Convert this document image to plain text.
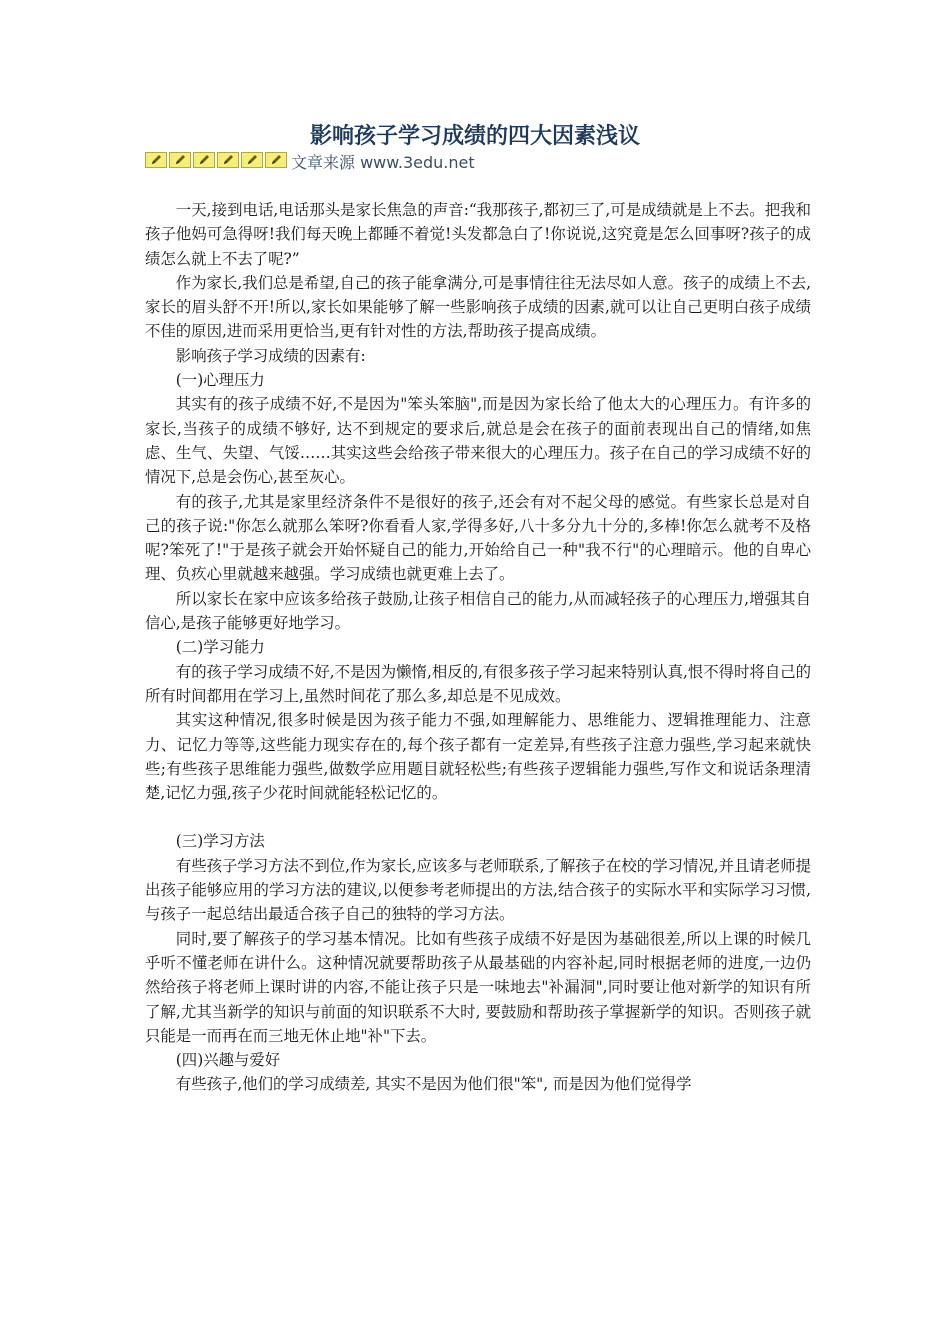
影响孩子学习成绩的四大因素浅议
文章来源 www.3edu.net

一天,接到电话,电话那头是家长焦急的声音:“我那孩子,都初三了,可是成绩就是上不去。把我和孩子他妈可急得呀!我们每天晚上都睡不着觉!头发都急白了!你说说,这究竟是怎么回事呀?孩子的成绩怎么就上不去了呢?”

作为家长,我们总是希望,自己的孩子能拿满分,可是事情往往无法尽如人意。孩子的成绩上不去,家长的眉头舒不开!所以,家长如果能够了解一些影响孩子成绩的因素,就可以让自己更明白孩子成绩不佳的原因,进而采用更恰当,更有针对性的方法,帮助孩子提高成绩。

影响孩子学习成绩的因素有:

(一)心理压力

其实有的孩子成绩不好,不是因为"笨头笨脑",而是因为家长给了他太大的心理压力。有许多的家长,当孩子的成绩不够好, 达不到规定的要求后,就总是会在孩子的面前表现出自己的情绪,如焦虑、生气、失望、气馁……其实这些会给孩子带来很大的心理压力。孩子在自己的学习成绩不好的情况下,总是会伤心,甚至灰心。

有的孩子,尤其是家里经济条件不是很好的孩子,还会有对不起父母的感觉。有些家长总是对自己的孩子说:"你怎么就那么笨呀?你看看人家,学得多好,八十多分九十分的,多棒!你怎么就考不及格呢?笨死了!"于是孩子就会开始怀疑自己的能力,开始给自己一种"我不行"的心理暗示。他的自卑心理、负疚心里就越来越强。学习成绩也就更难上去了。

所以家长在家中应该多给孩子鼓励,让孩子相信自己的能力,从而减轻孩子的心理压力,增强其自信心,是孩子能够更好地学习。

(二)学习能力

有的孩子学习成绩不好,不是因为懒惰,相反的,有很多孩子学习起来特别认真,恨不得时将自己的所有时间都用在学习上,虽然时间花了那么多,却总是不见成效。

其实这种情况,很多时候是因为孩子能力不强,如理解能力、思维能力、逻辑推理能力、注意力、记忆力等等,这些能力现实存在的,每个孩子都有一定差异,有些孩子注意力强些,学习起来就快些;有些孩子思维能力强些,做数学应用题目就轻松些;有些孩子逻辑能力强些,写作文和说话条理清楚,记忆力强,孩子少花时间就能轻松记忆的。

(三)学习方法

有些孩子学习方法不到位,作为家长,应该多与老师联系,了解孩子在校的学习情况,并且请老师提出孩子能够应用的学习方法的建议,以便参考老师提出的方法,结合孩子的实际水平和实际学习习惯,与孩子一起总结出最适合孩子自己的独特的学习方法。

同时,要了解孩子的学习基本情况。比如有些孩子成绩不好是因为基础很差,所以上课的时候几乎听不懂老师在讲什么。这种情况就要帮助孩子从最基础的内容补起,同时根据老师的进度,一边仍然给孩子将老师上课时讲的内容,不能让孩子只是一味地去"补漏洞",同时要让他对新学的知识有所了解,尤其当新学的知识与前面的知识联系不大时, 要鼓励和帮助孩子掌握新学的知识。否则孩子就只能是一而再在而三地无休止地"补"下去。

(四)兴趣与爱好

有些孩子,他们的学习成绩差, 其实不是因为他们很"笨", 而是因为他们觉得学
